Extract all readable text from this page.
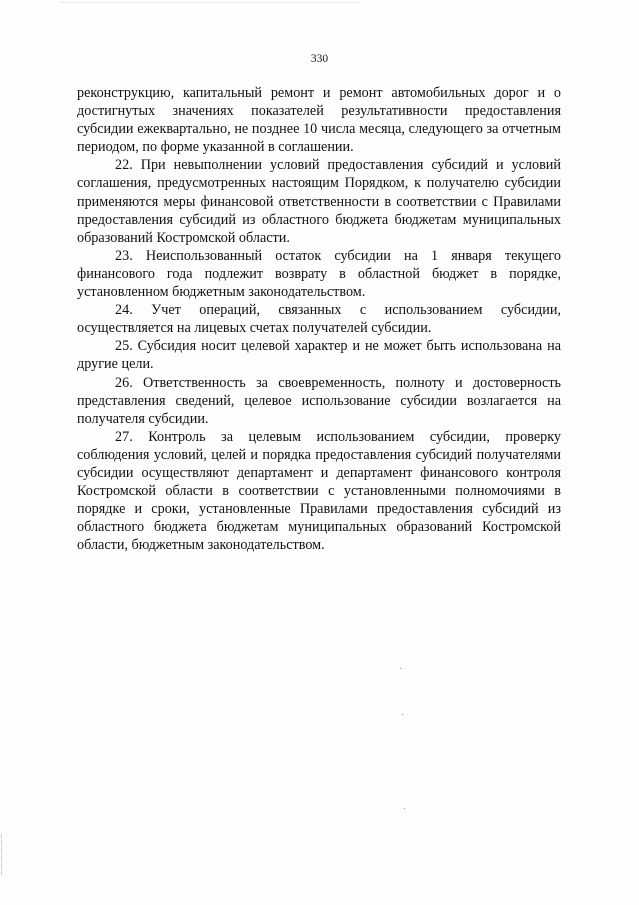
330

реконструкцию, капитальный ремонт и ремонт автомобильных дорог и о достигнутых значениях показателей результативности предоставления субсидии ежеквартально, не позднее 10 числа месяца, следующего за отчетным периодом, по форме указанной в соглашении.

22. При невыполнении условий предоставления субсидий и условий соглашения, предусмотренных настоящим Порядком, к получателю субсидии применяются меры финансовой ответственности в соответствии с Правилами предоставления субсидий из областного бюджета бюджетам муниципальных образований Костромской области.

23. Неиспользованный остаток субсидии на 1 января текущего финансового года подлежит возврату в областной бюджет в порядке, установленном бюджетным законодательством.

24. Учет операций, связанных с использованием субсидии, осуществляется на лицевых счетах получателей субсидии.

25. Субсидия носит целевой характер и не может быть использована на другие цели.

26. Ответственность за своевременность, полноту и достоверность представления сведений, целевое использование субсидии возлагается на получателя субсидии.

27. Контроль за целевым использованием субсидии, проверку соблюдения условий, целей и порядка предоставления субсидий получателями субсидии осуществляют департамент и департамент финансового контроля Костромской области в соответствии с установленными полномочиями в порядке и сроки, установленные Правилами предоставления субсидий из областного бюджета бюджетам муниципальных образований Костромской области, бюджетным законодательством.
